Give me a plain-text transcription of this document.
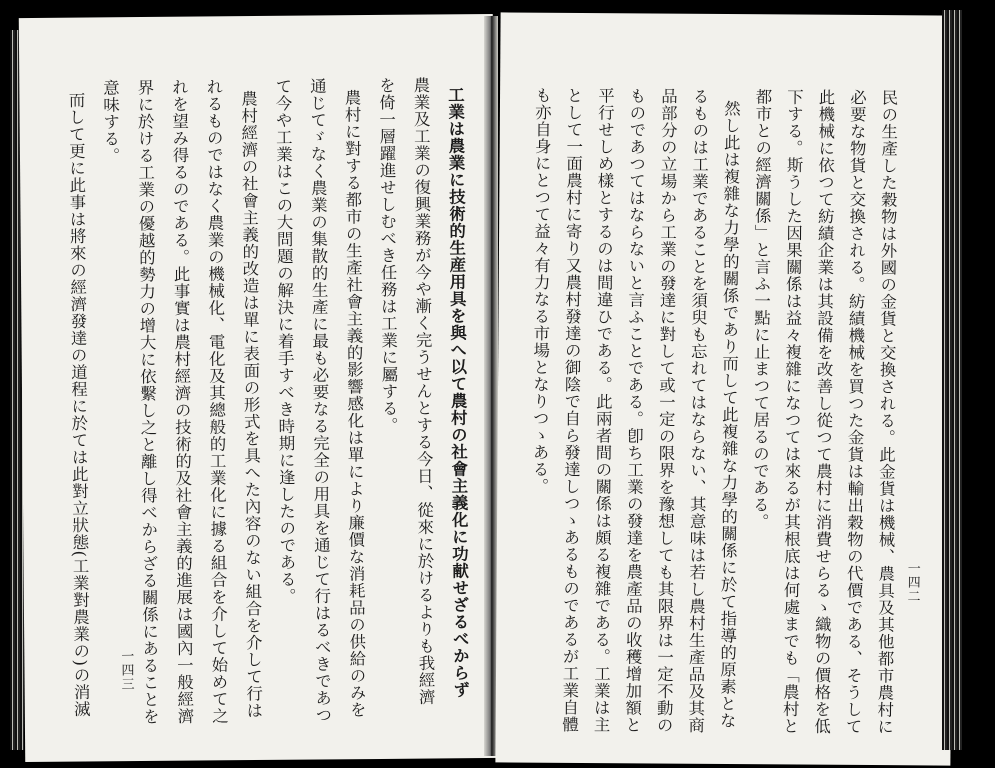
工業は農業に技術的生産用具を與へ以て農村の社會主義化に功献せざるべからず
農業及工業の復興業務が今や漸く完うせんとする今日、從來に於けるよりも我經濟
を倚一層躍進せしむべき任務は工業に屬する。
農村に對する都市の生產社會主義的影響感化は單により廉價な消耗品の供給のみを
通じてゞなく農業の集散的生產に最も必要なる完全の用具を通じて行はるべきであつ
て今や工業はこの大問題の解決に着手すべき時期に逢したのである。
農村經濟の社會主義的改造は單に表面の形式を具へた內容のない組合を介して行は
れるものではなく農業の機械化、電化及其總般的工業化に據る組合を介して始めて之
れを望み得るのである。此事實は農村經濟の技術的及社會主義的進展は國內一般經濟
界に於ける工業の優越的勢力の增大に依繫し之と離し得べからざる關係にあることを
意味する。
而して更に此事は將來の經濟發達の道程に於ては此對立狀態(工業對農業の)の消滅 一四三	民の生產した穀物は外國の金貨と交換される。此金貨は機械、農具及其他都市農村に
必要な物貨と交換される。紡績機械を買つた金貨は輸出穀物の代價である、そうして
此機械に依つて紡績企業は其設備を改善し從つて農村に消費せらるゝ織物の價格を低
下する。斯うした因果關係は益々複雜になつては來るが其根底は何處までも「農村と
都市との經濟關係」と言ふ一點に止まつて居るのである。
然し此は複雜な力學的關係であり而して此複雜な力學的關係に於て指導的原素とな
るものは工業であることを須臾も忘れてはならない、其意味は若し農村生產品及其商
品部分の立場から工業の發達に對して或一定の限界を豫想しても其限界は一定不動の
ものであつてはならないと言ふことである。卽ち工業の發達を農產品の收穫增加額と
平行せしめ樣とするのは間違ひである。此兩者間の關係は頗る複雜である。工業は主
として一面農村に寄り又農村發達の御陰で自ら發達しつゝあるものであるが工業自體
も亦自身にとつて益々有力なる市場となりつゝある。
一四二
